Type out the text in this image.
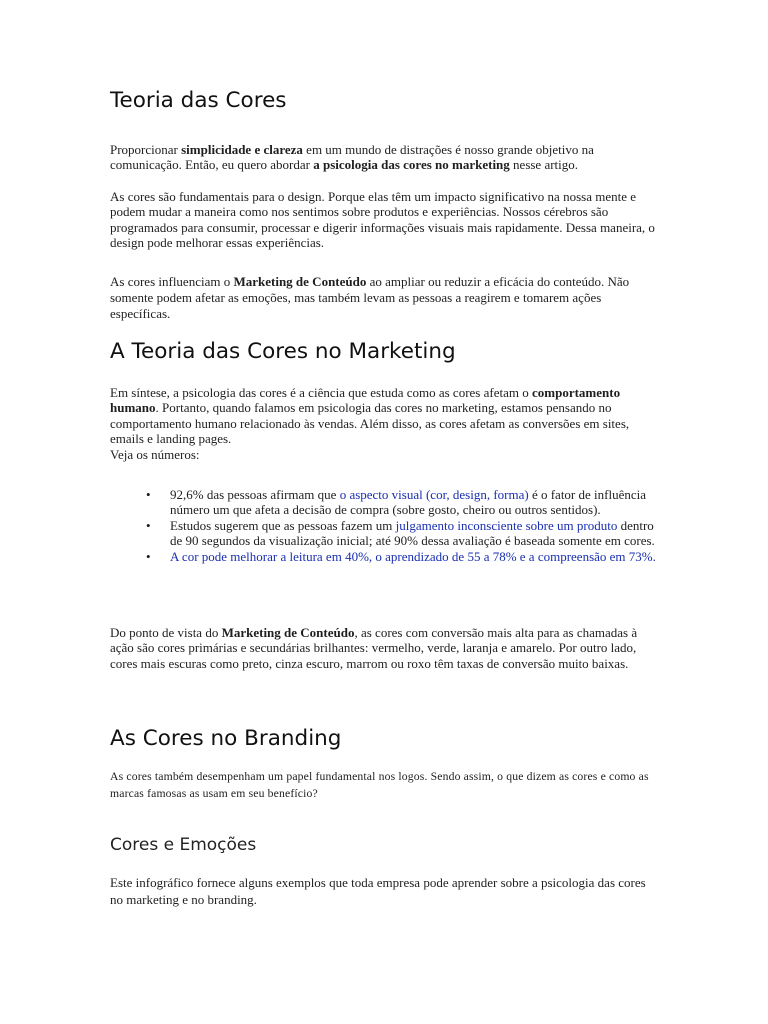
Teoria das Cores

Proporcionar simplicidade e clareza em um mundo de distrações é nosso grande objetivo na comunicação. Então, eu quero abordar a psicologia das cores no marketing nesse artigo.

As cores são fundamentais para o design. Porque elas têm um impacto significativo na nossa mente e podem mudar a maneira como nos sentimos sobre produtos e experiências. Nossos cérebros são programados para consumir, processar e digerir informações visuais mais rapidamente. Dessa maneira, o design pode melhorar essas experiências.

As cores influenciam o Marketing de Conteúdo ao ampliar ou reduzir a eficácia do conteúdo. Não somente podem afetar as emoções, mas também levam as pessoas a reagirem e tomarem ações específicas.

A Teoria das Cores no Marketing

Em síntese, a psicologia das cores é a ciência que estuda como as cores afetam o comportamento humano. Portanto, quando falamos em psicologia das cores no marketing, estamos pensando no comportamento humano relacionado às vendas. Além disso, as cores afetam as conversões em sites, emails e landing pages.
Veja os números:

• 92,6% das pessoas afirmam que o aspecto visual (cor, design, forma) é o fator de influência número um que afeta a decisão de compra (sobre gosto, cheiro ou outros sentidos).
• Estudos sugerem que as pessoas fazem um julgamento inconsciente sobre um produto dentro de 90 segundos da visualização inicial; até 90% dessa avaliação é baseada somente em cores.
• A cor pode melhorar a leitura em 40%, o aprendizado de 55 a 78% e a compreensão em 73%.

Do ponto de vista do Marketing de Conteúdo, as cores com conversão mais alta para as chamadas à ação são cores primárias e secundárias brilhantes: vermelho, verde, laranja e amarelo. Por outro lado, cores mais escuras como preto, cinza escuro, marrom ou roxo têm taxas de conversão muito baixas.

As Cores no Branding

As cores também desempenham um papel fundamental nos logos. Sendo assim, o que dizem as cores e como as marcas famosas as usam em seu benefício?

Cores e Emoções

Este infográfico fornece alguns exemplos que toda empresa pode aprender sobre a psicologia das cores no marketing e no branding.
